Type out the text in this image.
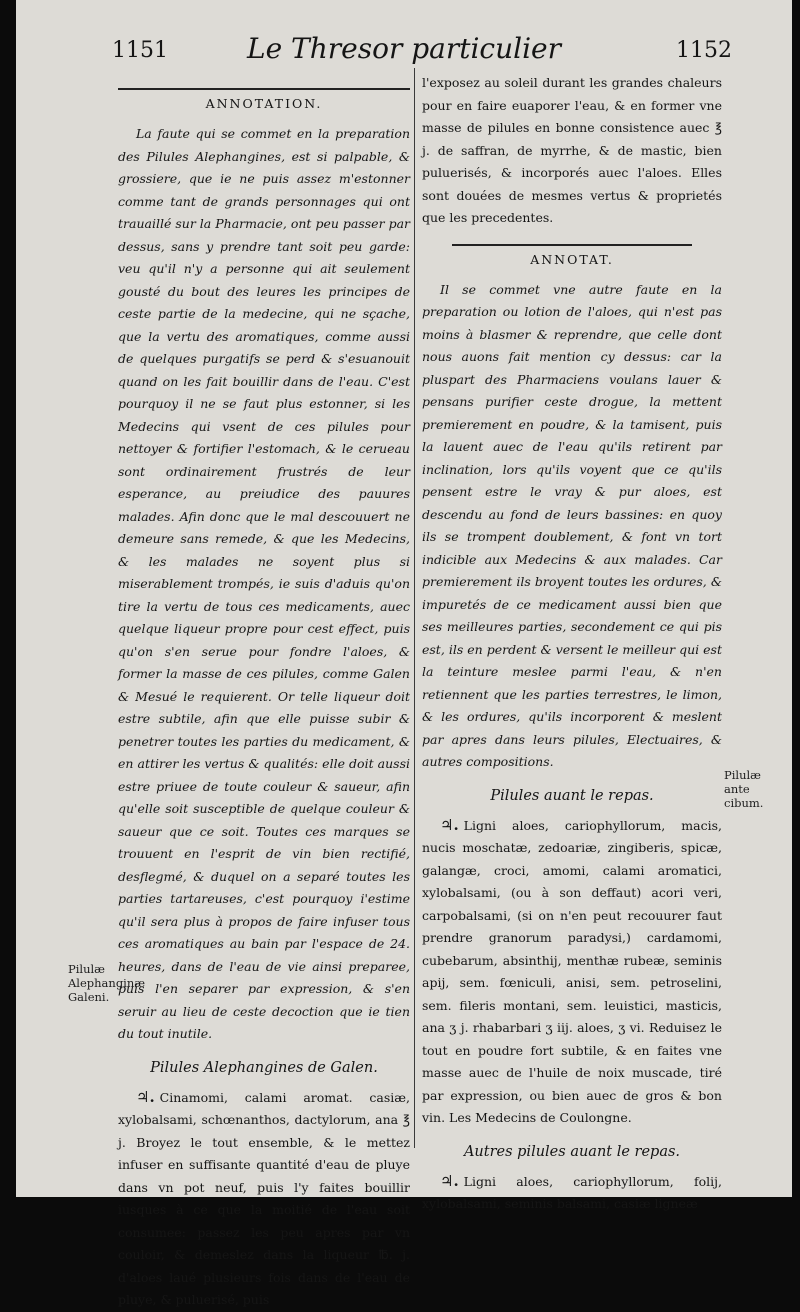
1151	Le Thresor particulier	1152
ANNOTATION.

La faute qui se commet en la preparation des Pilules Alephangines, est si palpable, & grossiere, que ie ne puis assez m'estonner comme tant de grands personnages qui ont trauaillé sur la Pharmacie, ont peu passer par dessus, sans y prendre tant soit peu garde: veu qu'il n'y a personne qui ait seulement gousté du bout des leures les principes de ceste partie de la medecine, qui ne sçache, que la vertu des aromatiques, comme aussi de quelques purgatifs se perd & s'esuanouit quand on les fait bouillir dans de l'eau. C'est pourquoy il ne se faut plus estonner, si les Medecins qui vsent de ces pilules pour nettoyer & fortifier l'estomach, & le cerueau sont ordinairement frustrés de leur esperance, au preiudice des pauures malades. Afin donc que le mal descouuert ne demeure sans remede, & que les Medecins, & les malades ne soyent plus si miserablement trompés, ie suis d'aduis qu'on tire la vertu de tous ces medicaments, auec quelque liqueur propre pour cest effect, puis qu'on s'en serue pour fondre l'aloes, & former la masse de ces pilules, comme Galen & Mesué le requierent. Or telle liqueur doit estre subtile, afin que elle puisse subir & penetrer toutes les parties du medicament, & en attirer les vertus & qualités: elle doit aussi estre priuee de toute couleur & saueur, afin qu'elle soit susceptible de quelque couleur & saueur que ce soit. Toutes ces marques se trouuent en l'esprit de vin bien rectifié, desflegmé, & duquel on a separé toutes les parties tartareuses, c'est pourquoy i'estime qu'il sera plus à propos de faire infuser tous ces aromatiques au bain par l'espace de 24. heures, dans de l'eau de vie ainsi preparee, puis l'en separer par expression, & s'en seruir au lieu de ceste decoction que ie tien du tout inutile.

Pilules Alephangines de Galen.

♃. Cinamomi, calami aromat. casiæ, xylobalsami, schœnanthos, dactylorum, ana ℥ j. Broyez le tout ensemble, & le mettez infuser en suffisante quantité d'eau de pluye dans vn pot neuf, puis l'y faites bouillir iusques à ce que la moitié de l'eau soit consumee: passez les peu apres par vn couloir, & demeslez dans la liqueur ℔. j. d'aloes laué plusieurs fois dans de l'eau de pluye, & puluerisé, puis

l'exposez au soleil durant les grandes chaleurs pour en faire euaporer l'eau, & en former vne masse de pilules en bonne consistence auec ℥ j. de saffran, de myrrhe, & de mastic, bien puluerisés, & incorporés auec l'aloes. Elles sont douées de mesmes vertus & proprietés que les precedentes.

ANNOTAT.

Il se commet vne autre faute en la preparation ou lotion de l'aloes, qui n'est pas moins à blasmer & reprendre, que celle dont nous auons fait mention cy dessus: car la pluspart des Pharmaciens voulans lauer & pensans purifier ceste drogue, la mettent premierement en poudre, & la tamisent, puis la lauent auec de l'eau qu'ils retirent par inclination, lors qu'ils voyent que ce qu'ils pensent estre le vray & pur aloes, est descendu au fond de leurs bassines: en quoy ils se trompent doublement, & font vn tort indicible aux Medecins & aux malades. Car premierement ils broyent toutes les ordures, & impuretés de ce medicament aussi bien que ses meilleures parties, secondement ce qui pis est, ils en perdent & versent le meilleur qui est la teinture meslee parmi l'eau, & n'en retiennent que les parties terrestres, le limon, & les ordures, qu'ils incorporent & meslent par apres dans leurs pilules, Electuaires, & autres compositions.

Pilules auant le repas.

♃. Ligni aloes, cariophyllorum, macis, nucis moschatæ, zedoariæ, zingiberis, spicæ, galangæ, croci, amomi, calami aromatici, xylobalsami, (ou à son deffaut) acori veri, carpobalsami, (si on n'en peut recouurer faut prendre granorum paradysi,) cardamomi, cubebarum, absinthij, menthæ rubeæ, seminis apij, sem. fœniculi, anisi, sem. petroselini, sem. fileris montani, sem. leuistici, masticis, ana ʒ j. rhabarbari ʒ iij. aloes, ʒ vi. Reduisez le tout en poudre fort subtile, & en faites vne masse auec de l'huile de noix muscade, tiré par expression, ou bien auec de gros & bon vin. Les Medecins de Coulongne.

Autres pilules auant le repas.

♃. Ligni aloes, cariophyllorum, folij, xylobalsami, seminis balsami, casiæ ligneæ

Pilulæ Alephanginæ Galeni.
Pilulæ ante cibum.
